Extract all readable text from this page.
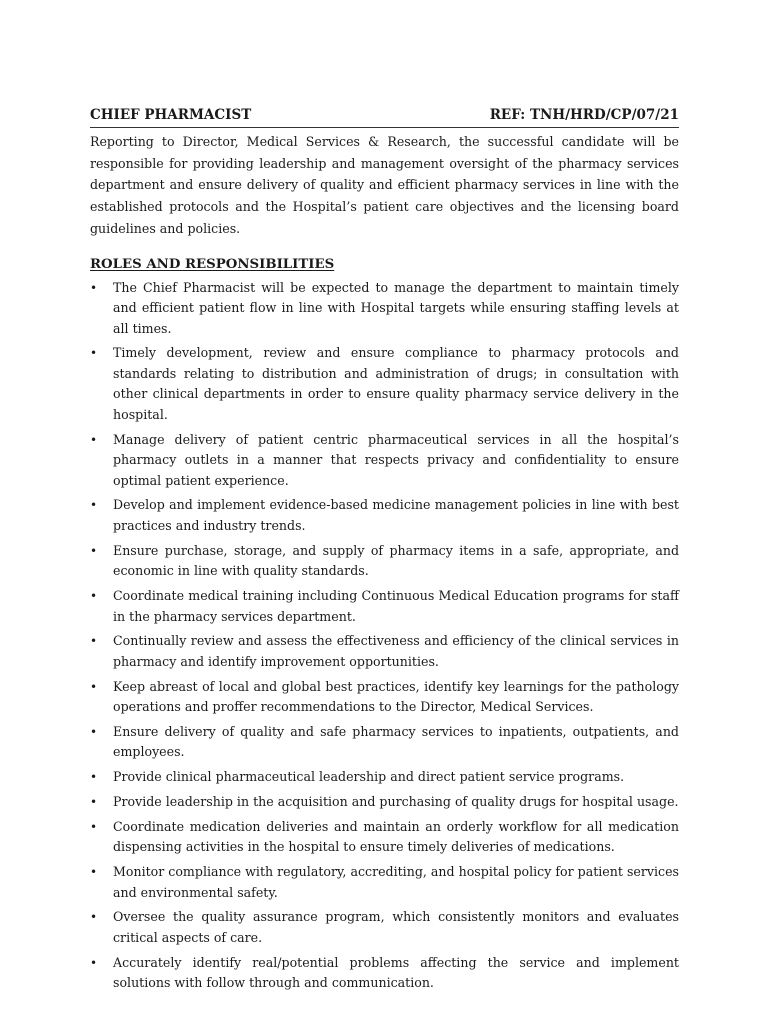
CHIEF PHARMACIST	REF: TNH/HRD/CP/07/21

Reporting to Director, Medical Services & Research, the successful candidate will be responsible for providing leadership and management oversight of the pharmacy services department and ensure delivery of quality and efficient pharmacy services in line with the established protocols and the Hospital’s patient care objectives and the licensing board guidelines and policies.

ROLES AND RESPONSIBILITIES
• The Chief Pharmacist will be expected to manage the department to maintain timely and efficient patient flow in line with Hospital targets while ensuring staffing levels at all times.
• Timely development, review and ensure compliance to pharmacy protocols and standards relating to distribution and administration of drugs; in consultation with other clinical departments in order to ensure quality pharmacy service delivery in the hospital.
• Manage delivery of patient centric pharmaceutical services in all the hospital’s pharmacy outlets in a manner that respects privacy and confidentiality to ensure optimal patient experience.
• Develop and implement evidence-based medicine management policies in line with best practices and industry trends.
• Ensure purchase, storage, and supply of pharmacy items in a safe, appropriate, and economic in line with quality standards.
• Coordinate medical training including Continuous Medical Education programs for staff in the pharmacy services department.
• Continually review and assess the effectiveness and efficiency of the clinical services in pharmacy and identify improvement opportunities.
• Keep abreast of local and global best practices, identify key learnings for the pathology operations and proffer recommendations to the Director, Medical Services.
• Ensure delivery of quality and safe pharmacy services to inpatients, outpatients, and employees.
• Provide clinical pharmaceutical leadership and direct patient service programs.
• Provide leadership in the acquisition and purchasing of quality drugs for hospital usage.
• Coordinate medication deliveries and maintain an orderly workflow for all medication dispensing activities in the hospital to ensure timely deliveries of medications.
• Monitor compliance with regulatory, accrediting, and hospital policy for patient services and environmental safety.
• Oversee the quality assurance program, which consistently monitors and evaluates critical aspects of care.
• Accurately identify real/potential problems affecting the service and implement solutions with follow through and communication.
